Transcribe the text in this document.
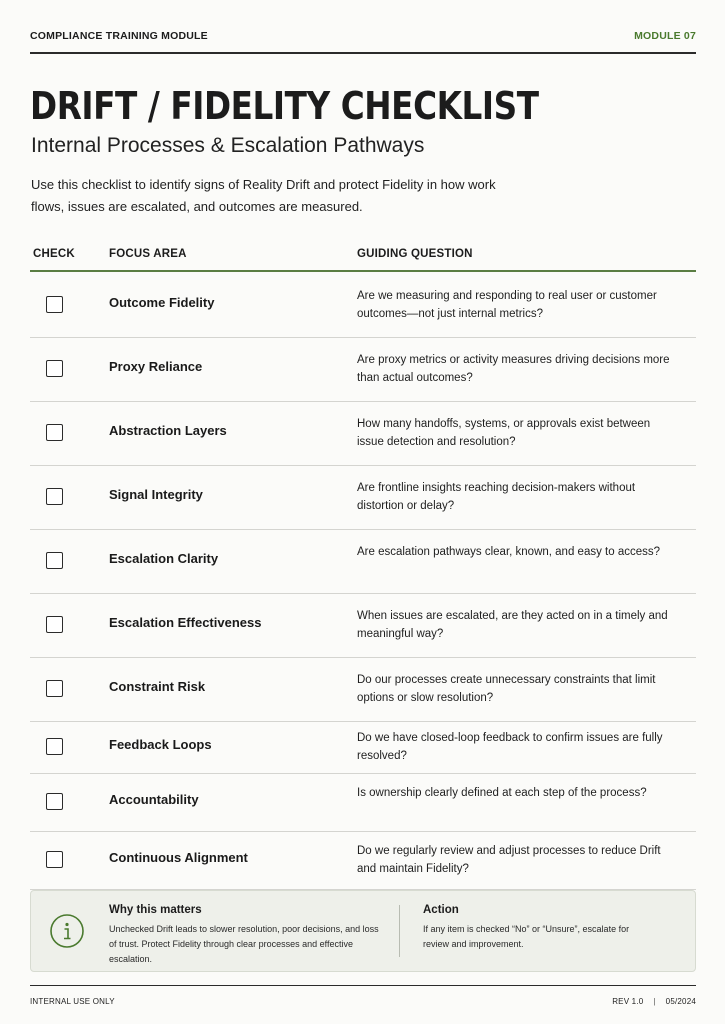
COMPLIANCE TRAINING MODULE	MODULE 07
DRIFT / FIDELITY CHECKLIST
Internal Processes & Escalation Pathways
Use this checklist to identify signs of Reality Drift and protect Fidelity in how work flows, issues are escalated, and outcomes are measured.
CHECK	FOCUS AREA	GUIDING QUESTION
Outcome Fidelity	Are we measuring and responding to real user or customer outcomes—not just internal metrics?
Proxy Reliance	Are proxy metrics or activity measures driving decisions more than actual outcomes?
Abstraction Layers	How many handoffs, systems, or approvals exist between issue detection and resolution?
Signal Integrity	Are frontline insights reaching decision-makers without distortion or delay?
Escalation Clarity	Are escalation pathways clear, known, and easy to access?
Escalation Effectiveness	When issues are escalated, are they acted on in a timely and meaningful way?
Constraint Risk	Do our processes create unnecessary constraints that limit options or slow resolution?
Feedback Loops	Do we have closed-loop feedback to confirm issues are fully resolved?
Accountability	Is ownership clearly defined at each step of the process?
Continuous Alignment	Do we regularly review and adjust processes to reduce Drift and maintain Fidelity?
Why this matters
Unchecked Drift leads to slower resolution, poor decisions, and loss of trust. Protect Fidelity through clear processes and effective escalation.
Action
If any item is checked “No” or “Unsure”, escalate for review and improvement.
INTERNAL USE ONLY	REV 1.0 | 05/2024
